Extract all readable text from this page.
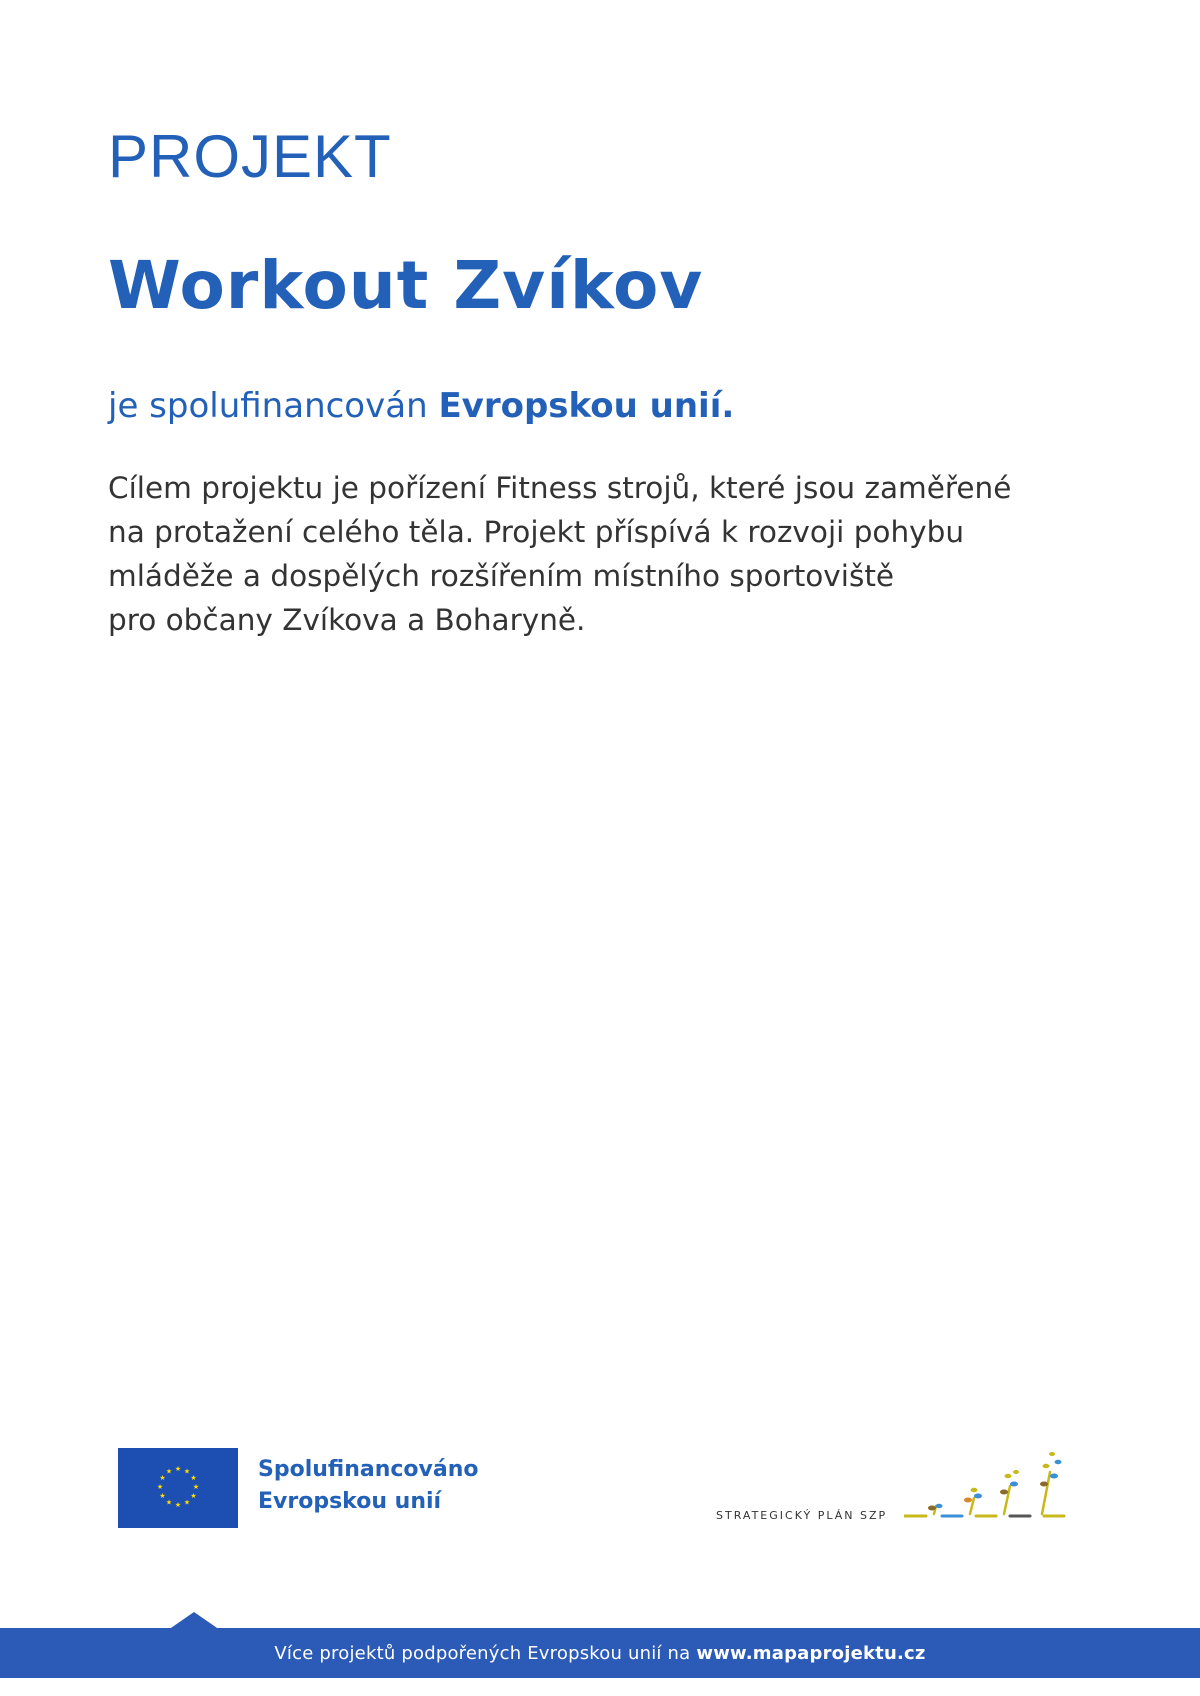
PROJEKT
Workout Zvíkov
je spolufinancován Evropskou unií.
Cílem projektu je pořízení Fitness strojů, které jsou zaměřené
na protažení celého těla. Projekt příspívá k rozvoji pohybu
mláděže a dospělých rozšířením místního sportoviště
pro občany Zvíkova a Boharyně.
★ ★
★
★
★
★
★
★
★
★
★
★	Spolufinancováno
Evropskou unií
STRATEGICKÝ PLÁN SZP
Více projektů podpořených Evropskou unií na www.mapaprojektu.cz
